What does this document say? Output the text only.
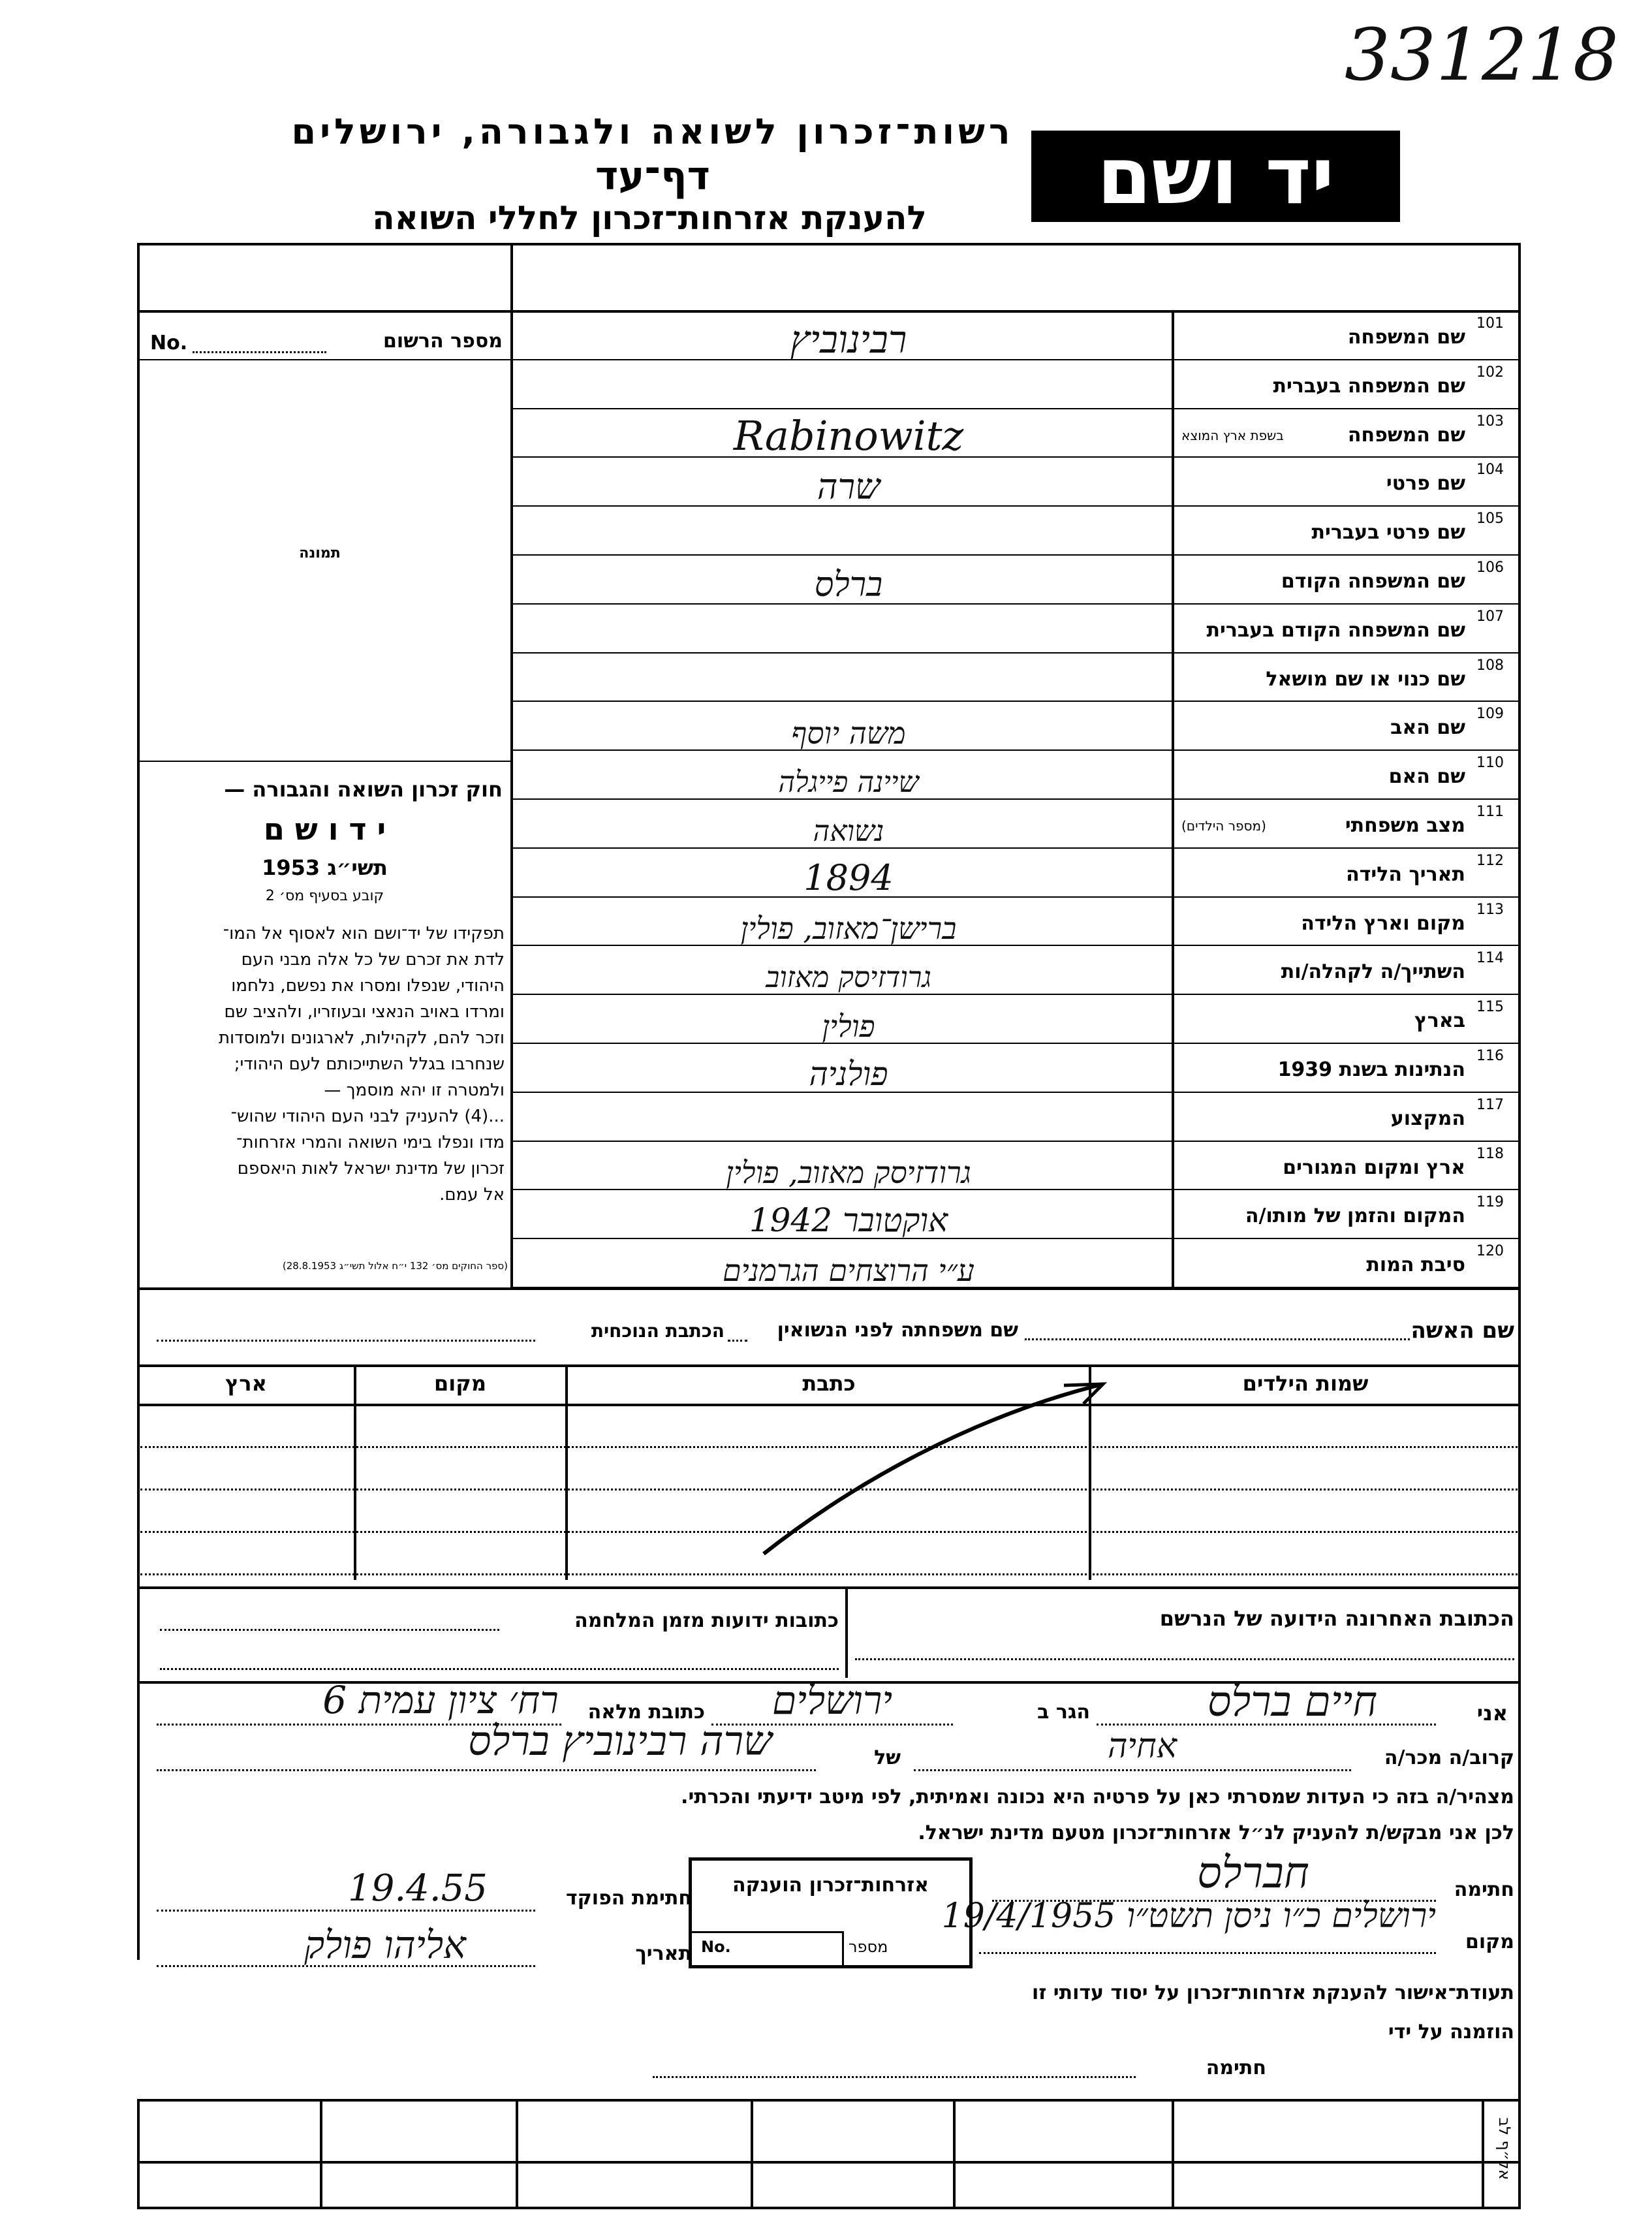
331218
רשות־זכרון לשואה ולגבורה, ירושלים
דף־עד
להענקת אזרחות־זכרון לחללי השואה	יד ושם
מספר הרשום
No.
תמונה
חוק זכרון השואה והגבורה —
י ד ו ש ם
תשי״ג 1953
קובע בסעיף מס׳ 2
תפקידו של יד־ושם הוא לאסוף אל המו־
לדת את זכרם של כל אלה מבני העם
היהודי, שנפלו ומסרו את נפשם, נלחמו
ומרדו באויב הנאצי ובעוזריו, ולהציב שם
וזכר להם, לקהילות, לארגונים ולמוסדות
שנחרבו בגלל השתייכותם לעם היהודי;
ולמטרה זו יהא מוסמך —
...(4) להעניק לבני העם היהודי שהוש־
מדו ונפלו בימי השואה והמרי אזרחות־
זכרון של מדינת ישראל לאות היאספם
אל עמם.
(ספר החוקים מס׳ 132 י״ח אלול תשי״ג 28.8.1953)
101
שם המשפחה
רבינוביץ
102
שם המשפחה בעברית
103
שם המשפחה
בשפת ארץ המוצא
Rabinowitz
104
שם פרטי
שרה
105
שם פרטי בעברית
106
שם המשפחה הקודם
ברלס
107
שם המשפחה הקודם בעברית
108
שם כנוי או שם מושאל
109
שם האב
משה יוסף
110
שם האם
שיינה פייגלה
111
מצב משפחתי
(מספר הילדים)
נשואה
112
תאריך הלידה
1894
113
מקום וארץ הלידה
ברישן־מאזוב, פולין
114
השתייך/ה לקהלה/ות
גרודזיסק מאזוב
115
בארץ
פולין
116
הנתינות בשנת 1939
פולניה
117
המקצוע
118
ארץ ומקום המגורים
גרודזיסק מאזוב, פולין
119
המקום והזמן של מותו/ה
אוקטובר 1942
120
סיבת המות
ע״י הרוצחים הגרמנים
שם האשה
שם משפחתה לפני הנשואין
הכתבת הנוכחית
שמות הילדים
כתבת
מקום
ארץ
הכתובת האחרונה הידועה של הנרשם
כתובות ידועות מזמן המלחמה
אני
חיים ברלס
הגר ב
ירושלים
כתובת מלאה
רח׳ ציון עמית 6
קרוב/ה מכר/ה
אחיה
של
שרה רבינוביץ ברלס
מצהיר/ה בזה כי העדות שמסרתי כאן על פרטיה היא נכונה ואמיתית, לפי מיטב ידיעתי והכרתי.
לכן אני מבקש/ת להעניק לנ״ל אזרחות־זכרון מטעם מדינת ישראל.
חתימה
חברלס
מקום
ירושלים כ״ו ניסן תשט״ו 19/4/1955
חתימת הפוקד
19.4.55
תאריך
אליהו פולק
אזרחות־זכרון הוענקה
No.	מספר
תעודת־אישור להענקת אזרחות־זכרון על יסוד עדותי זו
הוזמנה על ידי
חתימה
אל״ף לב
